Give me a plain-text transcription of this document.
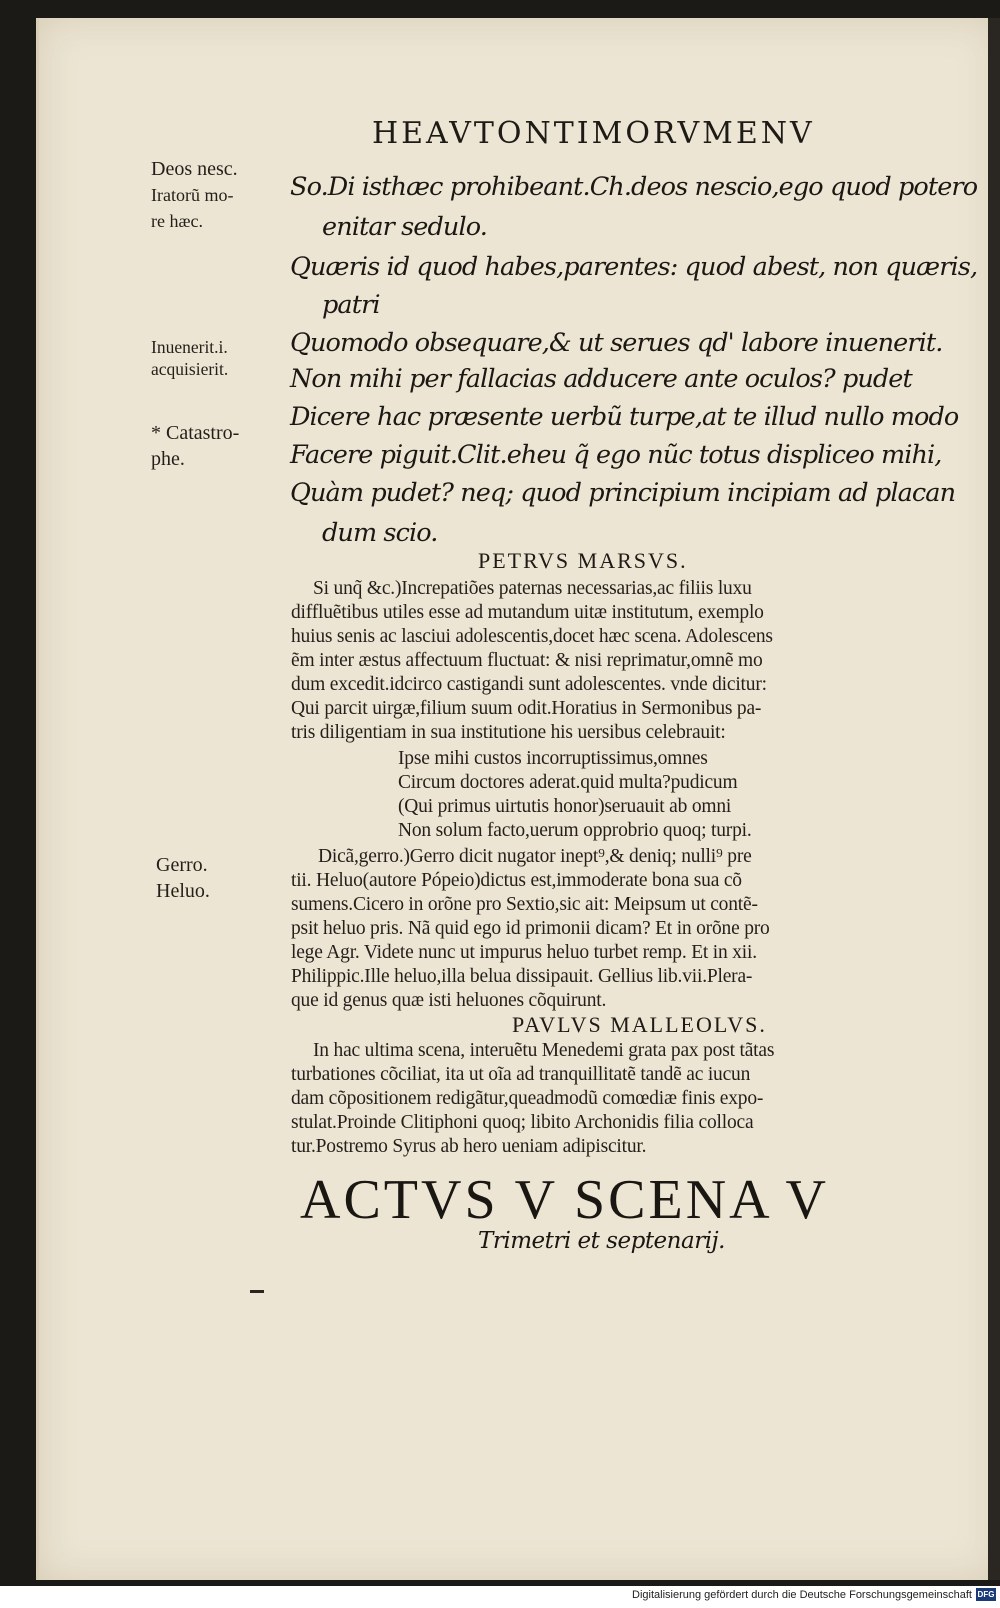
HEAVTONTIMORVMENV
Deos nesc.
Iratorũ mo-
re hæc.
Inuenerit.i.
acquisierit.
* Catastro-
phe.
Gerro.
Heluo.
So.Di isthæc prohibeant.Ch.deos nescio,ego quod potero
enitar sedulo.
Quæris id quod habes,parentes: quod abest, non quæris,
patri
Quomodo obsequare,& ut serues qd' labore inuenerit.
Non mihi per fallacias adducere ante oculos? pudet
Dicere hac præsente uerbũ turpe,at te illud nullo modo
Facere piguit.Clit.eheu q̃ ego nũc totus displiceo mihi,
Quàm pudet? neq; quod principium incipiam ad placan
dum scio.
PETRVS MARSVS.
Si unq̃ &c.)Increpatiões paternas necessarias,ac filiis luxu
diffluẽtibus utiles esse ad mutandum uitæ institutum, exemplo
huius senis ac lasciui adolescentis,docet hæc scena. Adolescens
ẽm inter æstus affectuum fluctuat: & nisi reprimatur,omnẽ mo
dum excedit.idcirco castigandi sunt adolescentes. vnde dicitur:
Qui parcit uirgæ,filium suum odit.Horatius in Sermonibus pa-
tris diligentiam in sua institutione his uersibus celebrauit:
Ipse mihi custos incorruptissimus,omnes
Circum doctores aderat.quid multa?pudicum
(Qui primus uirtutis honor)seruauit ab omni
Non solum facto,uerum opprobrio quoq; turpi.
Dicã,gerro.)Gerro dicit nugator inept⁹,& deniq; nulli⁹ pre
tii. Heluo(autore Pópeio)dictus est,immoderate bona sua cõ
sumens.Cicero in orõne pro Sextio,sic ait: Meipsum ut contẽ-
psit heluo pris. Nã quid ego id primonii dicam? Et in orõne pro
lege Agr. Videte nunc ut impurus heluo turbet remp. Et in xii.
Philippic.Ille heluo,illa belua dissipauit. Gellius lib.vii.Plera-
que id genus quæ isti heluones cõquirunt.
PAVLVS MALLEOLVS.
In hac ultima scena, interuẽtu Menedemi grata pax post tãtas
turbationes cõciliat, ita ut oĩa ad tranquillitatẽ tandẽ ac iucun
dam cõpositionem redigãtur,queadmodũ comœdiæ finis expo-
stulat.Proinde Clitiphoni quoq; libito Archonidis filia colloca
tur.Postremo Syrus ab hero ueniam adipiscitur.
ACTVS V SCENA V
Trimetri et septenarij.
Digitalisierung gefördert durch die Deutsche Forschungsgemeinschaft DFG
